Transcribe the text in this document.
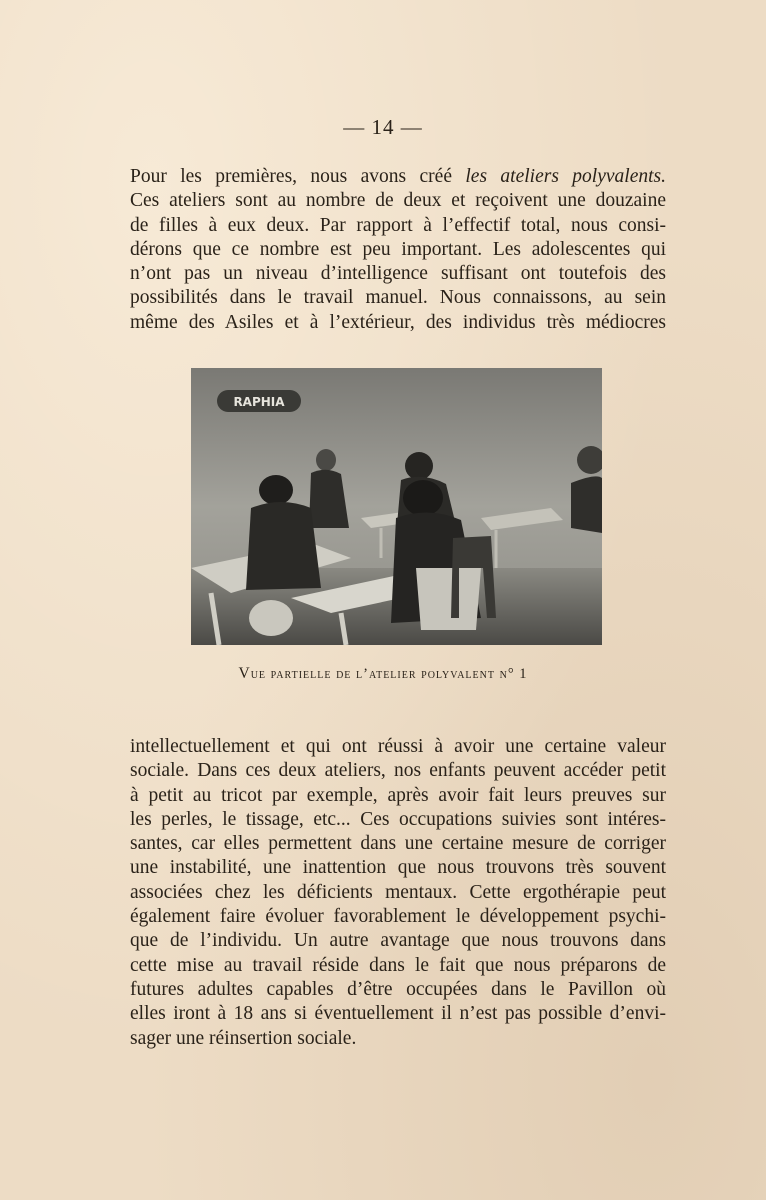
— 14 —
Pour les premières, nous avons créé les ateliers polyvalents.
Ces ateliers sont au nombre de deux et reçoivent une douzaine
de filles à eux deux. Par rapport à l’effectif total, nous consi-
dérons que ce nombre est peu important. Les adolescentes qui
n’ont pas un niveau d’intelligence suffisant ont toutefois des
possibilités dans le travail manuel. Nous connaissons, au sein
même des Asiles et à l’extérieur, des individus très médiocres
RAPHIA
Vue partielle de l’atelier polyvalent n° 1
intellectuellement et qui ont réussi à avoir une certaine valeur
sociale. Dans ces deux ateliers, nos enfants peuvent accéder petit
à petit au tricot par exemple, après avoir fait leurs preuves sur
les perles, le tissage, etc... Ces occupations suivies sont intéres-
santes, car elles permettent dans une certaine mesure de corriger
une instabilité, une inattention que nous trouvons très souvent
associées chez les déficients mentaux. Cette ergothérapie peut
également faire évoluer favorablement le développement psychi-
que de l’individu. Un autre avantage que nous trouvons dans
cette mise au travail réside dans le fait que nous préparons de
futures adultes capables d’être occupées dans le Pavillon où
elles iront à 18 ans si éventuellement il n’est pas possible d’envi-
sager une réinsertion sociale.
